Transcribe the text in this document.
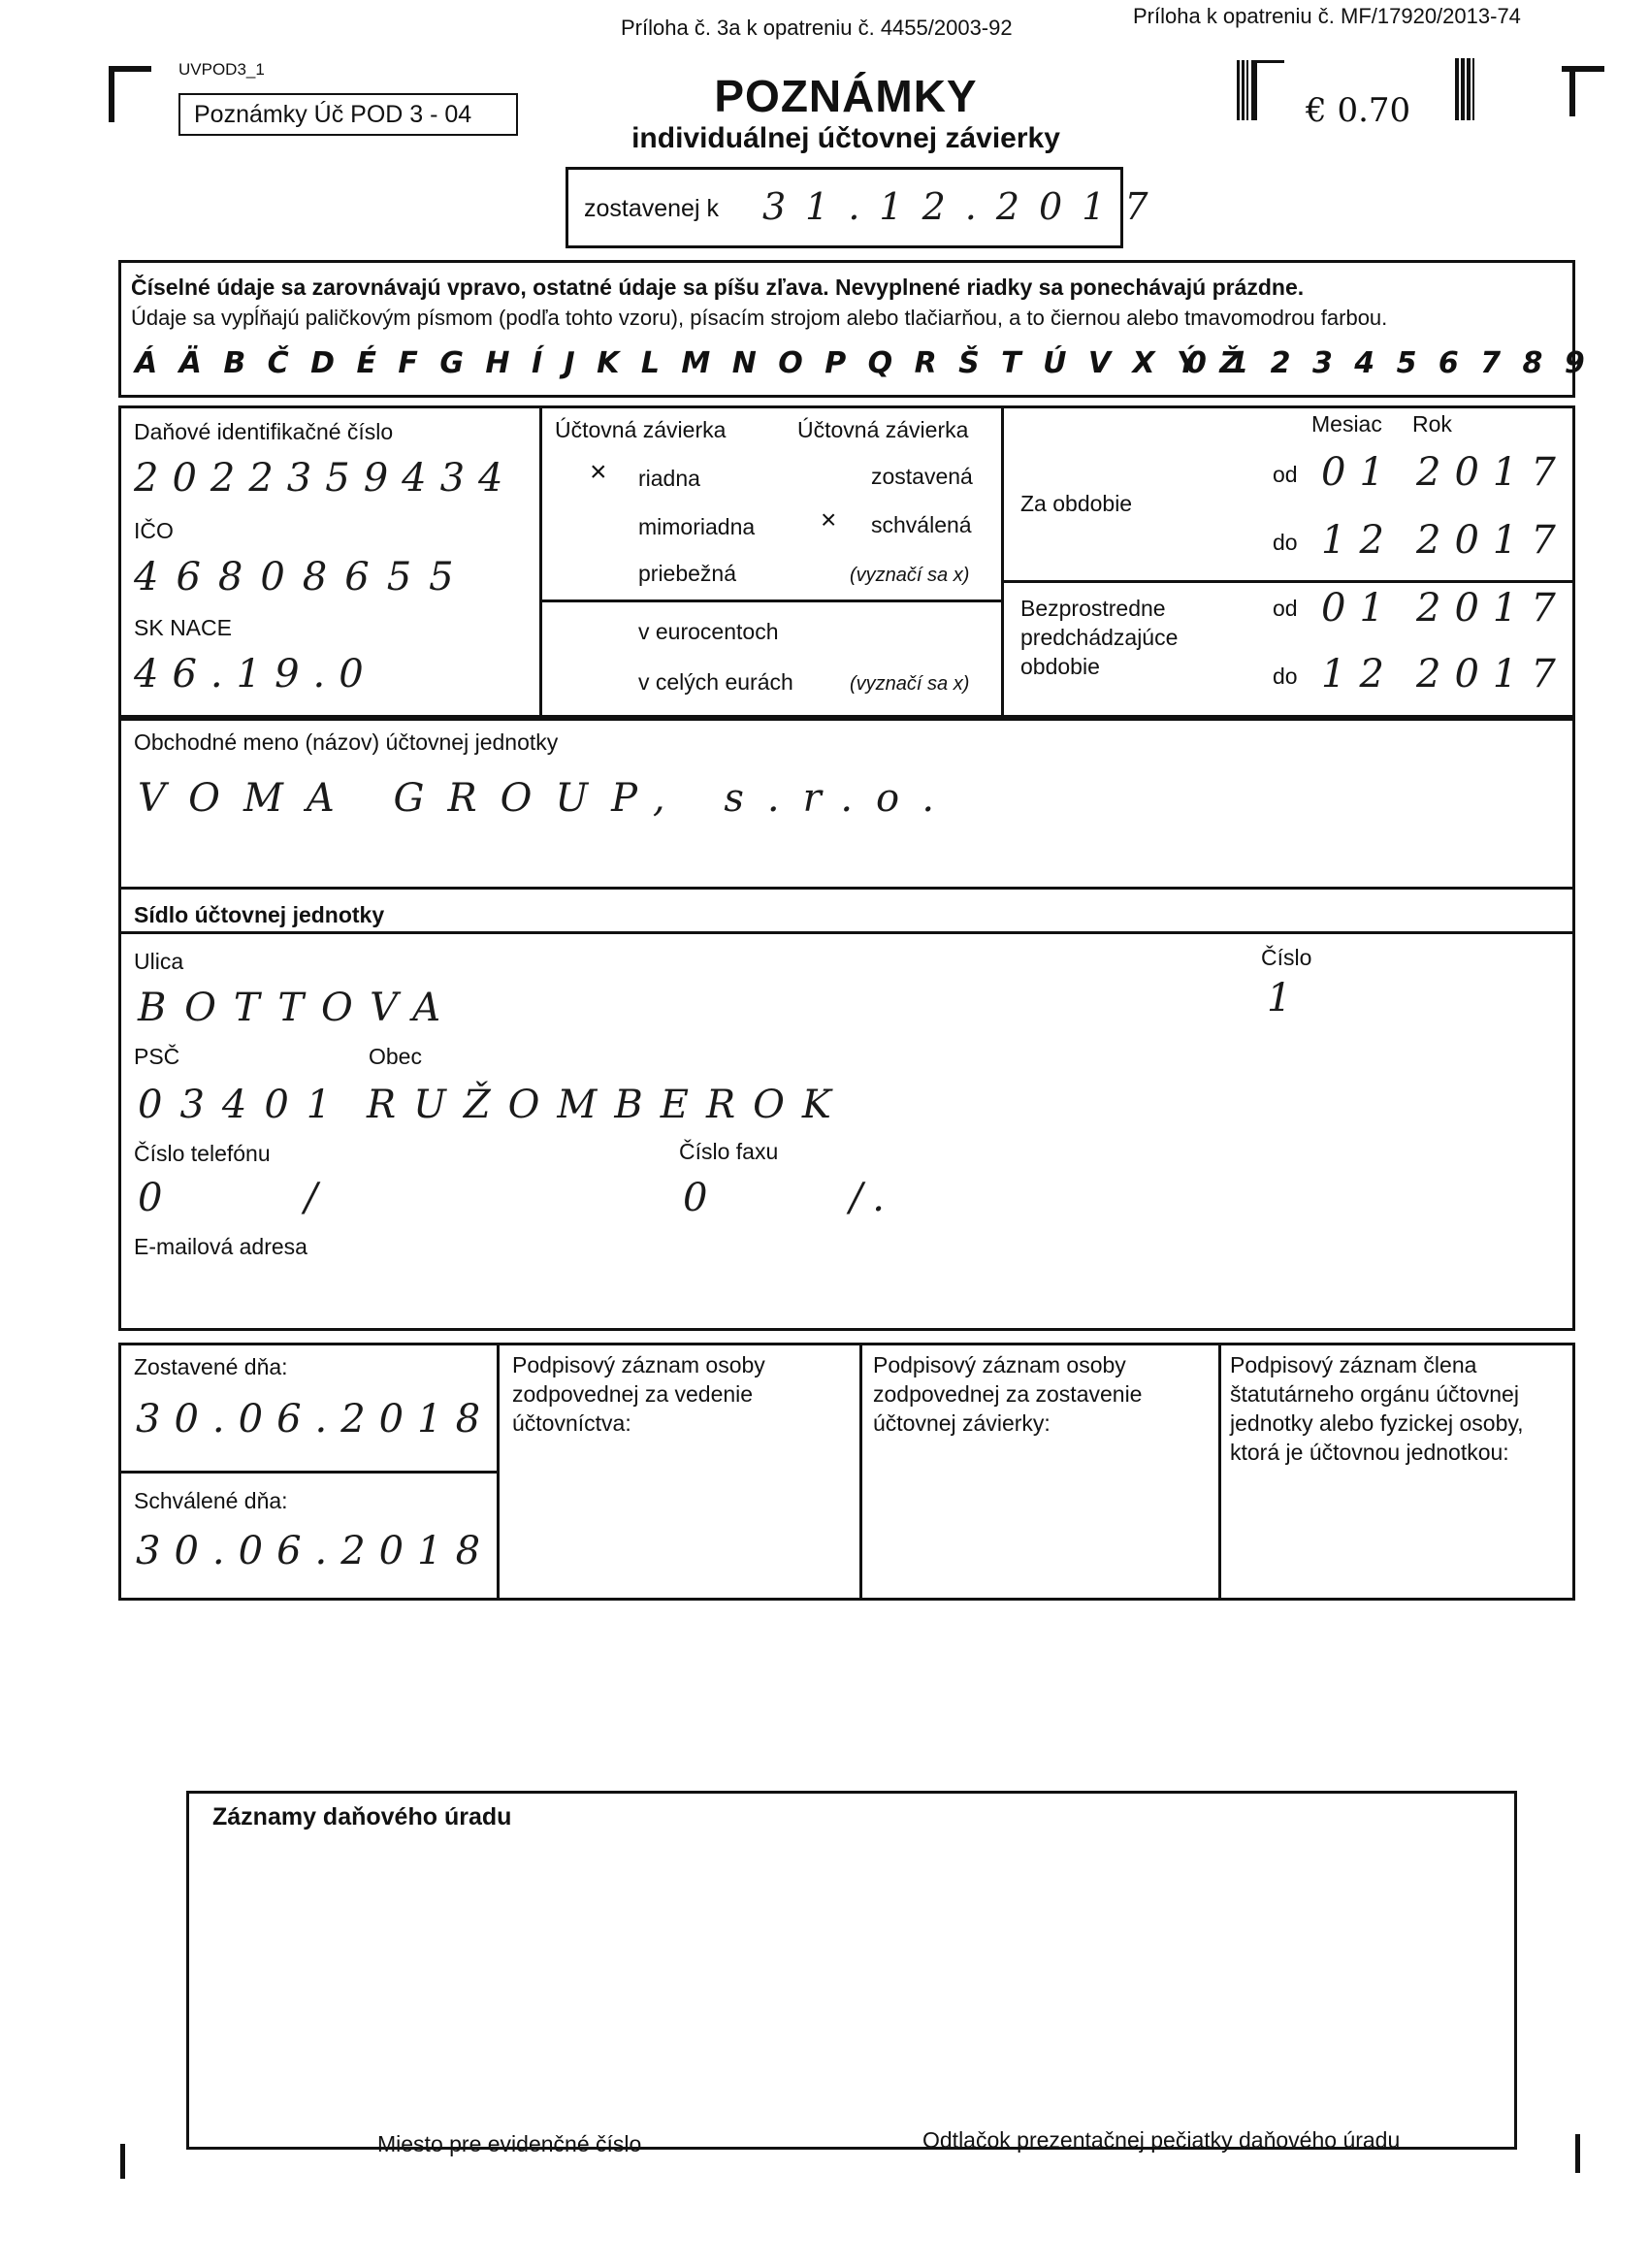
Príloha č. 3a k opatreniu č. 4455/2003-92	Príloha k opatreniu č. MF/17920/2013-74
UVPOD3_1
Poznámky Úč POD 3 - 04	POZNÁMKY
individuálnej účtovnej závierky
€ 0.70
zostavenej k 31.12.2017
Číselné údaje sa zarovnávajú vpravo, ostatné údaje sa píšu zľava. Nevyplnené riadky sa ponechávajú prázdne.
Údaje sa vypĺňajú paličkovým písmom (podľa tohto vzoru), písacím strojom alebo tlačiarňou, a to čiernou alebo tmavomodrou farbou.
Á Ä B Č D É F G H Í J K L M N O P Q R Š T Ú V X Ý Ž
0 1 2 3 4 5 6 7 8 9
Daňové identifikačné číslo
2022359434
IČO
46808655
SK NACE
46.19.0
Účtovná závierka	Účtovná závierka
× riadna	zostavená
mimoriadna × schválená
priebežná	(vyznačí sa x)
v eurocentoch
v celých eurách	(vyznačí sa x)
Mesiac Rok
Za obdobie
od 01 2017
do 12 2017
Bezprostredne
predchádzajúce
obdobie
od 01 2017
do 12 2017
Obchodné meno (názov) účtovnej jednotky
VOMA GROUP, s.r.o.
Sídlo účtovnej jednotky
Ulica
BOTTOVA
Číslo
1
PSČ
03401
Obec
RUŽOMBEROK
Číslo telefónu
0      /
Číslo faxu
0      /.
E-mailová adresa
Zostavené dňa:
30.06.2018
Schválené dňa:
30.06.2018
Podpisový záznam osoby zodpovednej za vedenie účtovníctva:
Podpisový záznam osoby zodpovednej za zostavenie účtovnej závierky:
Podpisový záznam člena štatutárneho orgánu účtovnej jednotky alebo fyzickej osoby, ktorá je účtovnou jednotkou:
Záznamy daňového úradu
Miesto pre evidenčné číslo	Odtlačok prezentačnej pečiatky daňového úradu
